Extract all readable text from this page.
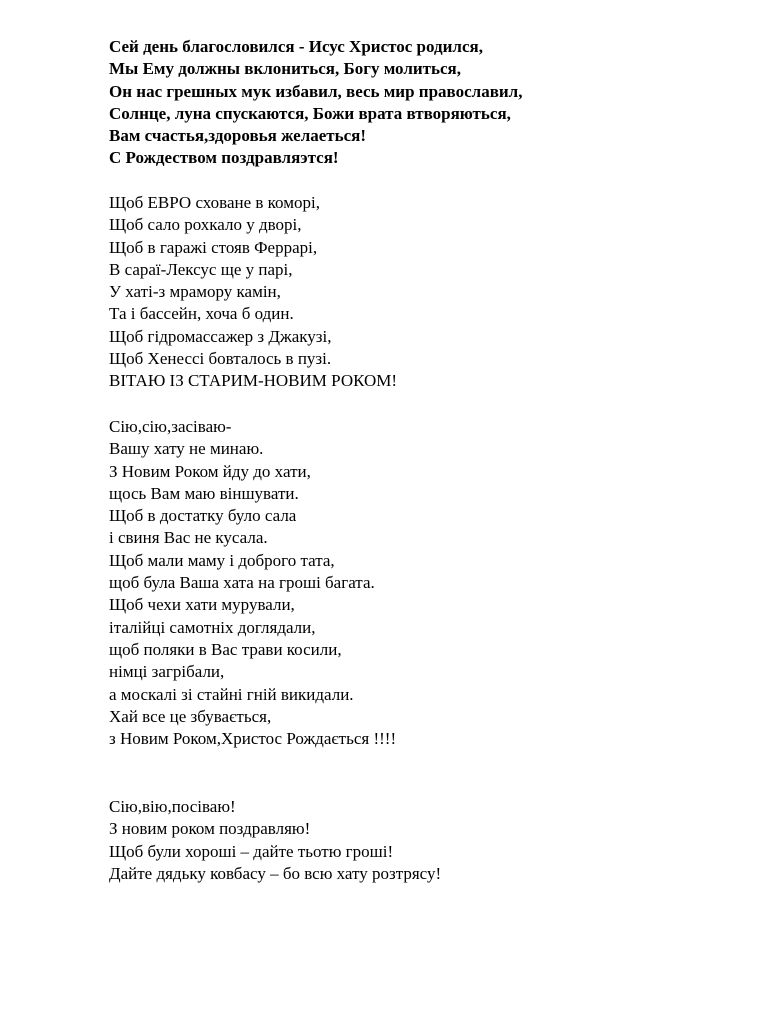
Сей день благословился - Исус Христос родился,
Мы Ему должны вклониться, Богу молиться,
Он нас грешных мук избавил, весь мир православил,
Солнце, луна спускаются, Божи врата втворяються,
Вам счастья,здоровья желаеться!
С Рождеством поздравляэтся!
Щоб ЕВРО сховане в коморі,
Щоб сало рохкало у дворі,
Щоб в гаражі стояв Феррарі,
В сараї-Лексус ще у парі,
У хаті-з мрамору камін,
Та і бассейн, хоча б один.
Щоб гідромассажер з Джакузі,
Щоб Хенессі бовталось в пузі.
ВІТАЮ ІЗ СТАРИМ-НОВИМ РОКОМ!
Сію,сію,засіваю-
Вашу хату не минаю.
З Новим Роком йду до хати,
щось Вам маю віншувати.
Щоб в достатку було сала
і свиня Вас не кусала.
Щоб мали маму і доброго тата,
щоб була Ваша хата на гроші багата.
Щоб чехи хати мурували,
італійці самотніх доглядали,
щоб поляки в Вас трави косили,
німці загрібали,
а москалі зі стайні гній викидали.
Хай все це збувається,
з Новим Роком,Христос Рождається !!!!
Сію,вію,посіваю!
З новим роком поздравляю!
Щоб були хороші – дайте тьотю гроші!
Дайте дядьку ковбасу – бо всю хату розтрясу!
